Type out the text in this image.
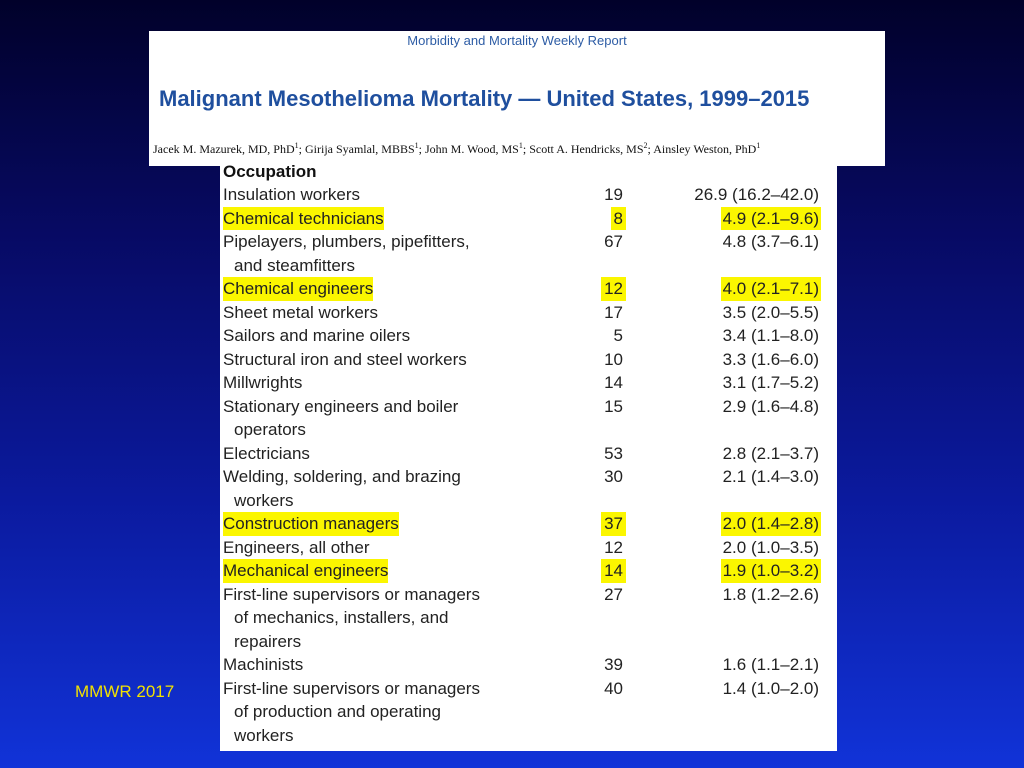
Morbidity and Mortality Weekly Report
Malignant Mesothelioma Mortality — United States, 1999–2015
Jacek M. Mazurek, MD, PhD$^1$; Girija Syamlal, MBBS$^1$; John M. Wood, $MS^1$; Scott A. Hendricks, $MS^2$; Ainsley Weston, PhD$^1$
Occupation
Insulation workers	19	26.9 (16.2–42.0)
Chemical technicians	8	4.9 (2.1–9.6)
Pipelayers, plumbers, pipefitters,
and steamfitters
67	4.8 (3.7–6.1)
Chemical engineers	12	4.0 (2.1–7.1)
Sheet metal workers	17	3.5 (2.0–5.5)
Sailors and marine oilers	5	3.4 (1.1–8.0)
Structural iron and steel workers	10	3.3 (1.6–6.0)
Millwrights	14	3.1 (1.7–5.2)
Stationary engineers and boiler
operators
15	2.9 (1.6–4.8)
Electricians	53	2.8 (2.1–3.7)
Welding, soldering, and brazing
workers
30	2.1 (1.4–3.0)
Construction managers	37	2.0 (1.4–2.8)
Engineers, all other	12	2.0 (1.0–3.5)
Mechanical engineers	14	1.9 (1.0–3.2)
First-line supervisors or managers
of mechanics, installers, and
repairers
27	1.8 (1.2–2.6)
Machinists	39	1.6 (1.1–2.1)
First-line supervisors or managers
of production and operating
workers
40	1.4 (1.0–2.0)
MMWR 2017
